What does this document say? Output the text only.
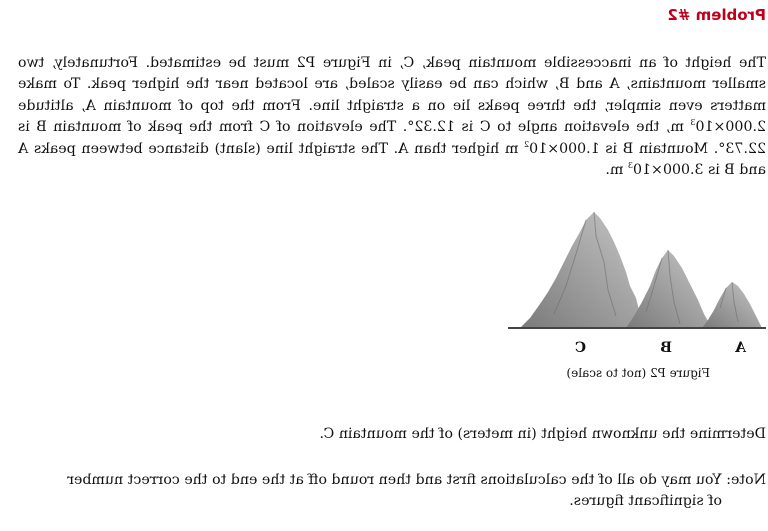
Problem #2

The height of an inaccessible mountain peak, C, in Figure P2 must be estimated. Fortunately, two smaller mountains, A and B, which can be easily scaled, are located near the higher peak. To make matters even simpler, the three peaks lie on a straight line. From the top of mountain A, altitude $2.000\times 10^3$ m, the elevation angle to C is 12.32°. The elevation of C from the peak of mountain B is 22.73°. Mountain B is $1.000\times 10^2$ m higher than A. The straight line (slant) distance between peaks A and B is $3.000\times 10^3$ m.

A
B
C
Figure P2 (not to scale)

Determine the unknown height (in meters) of the mountain C.

Note: You may do all of the calculations first and then round off at the end to the correct number
of significant figures.
